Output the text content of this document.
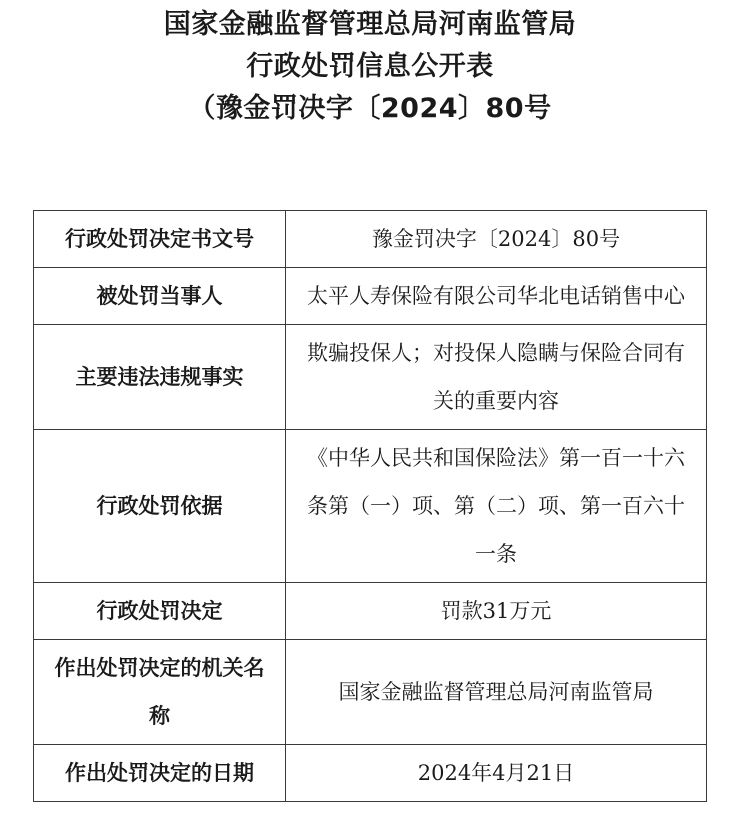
国家金融监督管理总局河南监管局
行政处罚信息公开表
（豫金罚决字〔2024〕80号
行政处罚决定书文号	豫金罚决字〔2024〕80号
被处罚当事人	太平人寿保险有限公司华北电话销售中心
主要违法违规事实	欺骗投保人；对投保人隐瞒与保险合同有关的重要内容
行政处罚依据	《中华人民共和国保险法》第一百一十六条第（一）项、第（二）项、第一百六十一条
行政处罚决定	罚款31万元
作出处罚决定的机关名称	国家金融监督管理总局河南监管局
作出处罚决定的日期	2024年4月21日
